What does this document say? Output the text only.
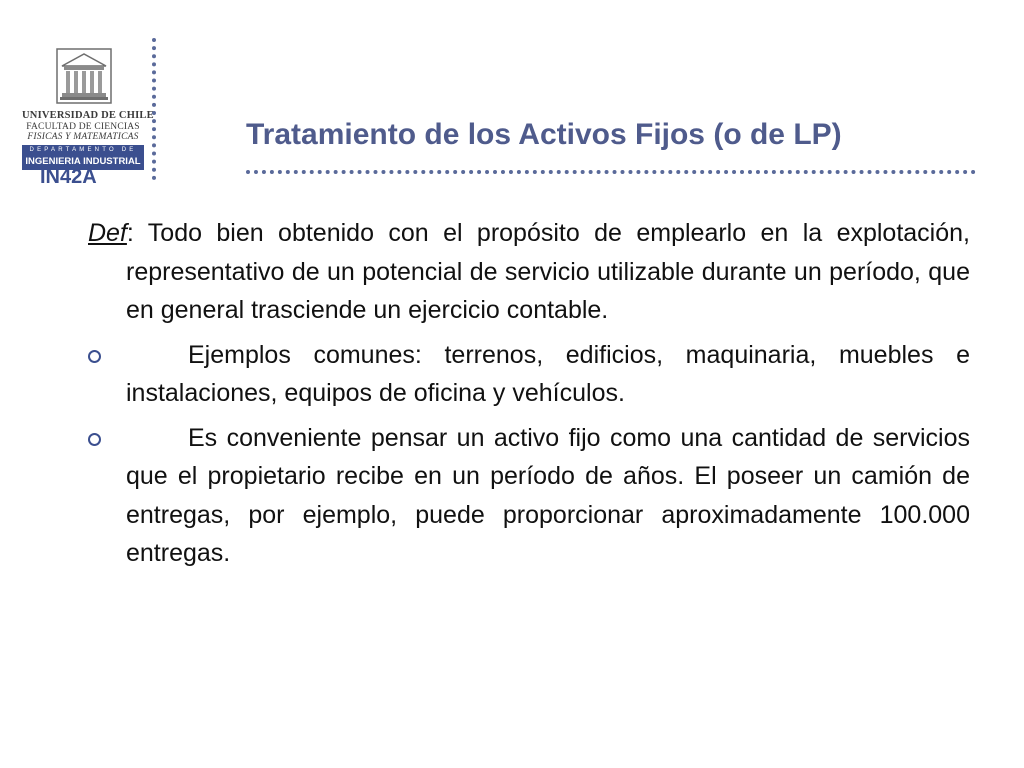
UNIVERSIDAD DE CHILE
FACULTAD DE CIENCIAS
FISICAS Y MATEMATICAS
DEPARTAMENTO DE
INGENIERIA INDUSTRIAL
IN42A
Tratamiento de los Activos Fijos (o de LP)

Def: Todo bien obtenido con el propósito de emplearlo en la explotación, representativo de un potencial de servicio utilizable durante un período, que en general trasciende un ejercicio contable.

Ejemplos comunes: terrenos, edificios, maquinaria, muebles e instalaciones, equipos de oficina y vehículos.

Es conveniente pensar un activo fijo como una cantidad de servicios que el propietario recibe en un período de años. El poseer un camión de entregas, por ejemplo, puede proporcionar aproximadamente 100.000 entregas.
